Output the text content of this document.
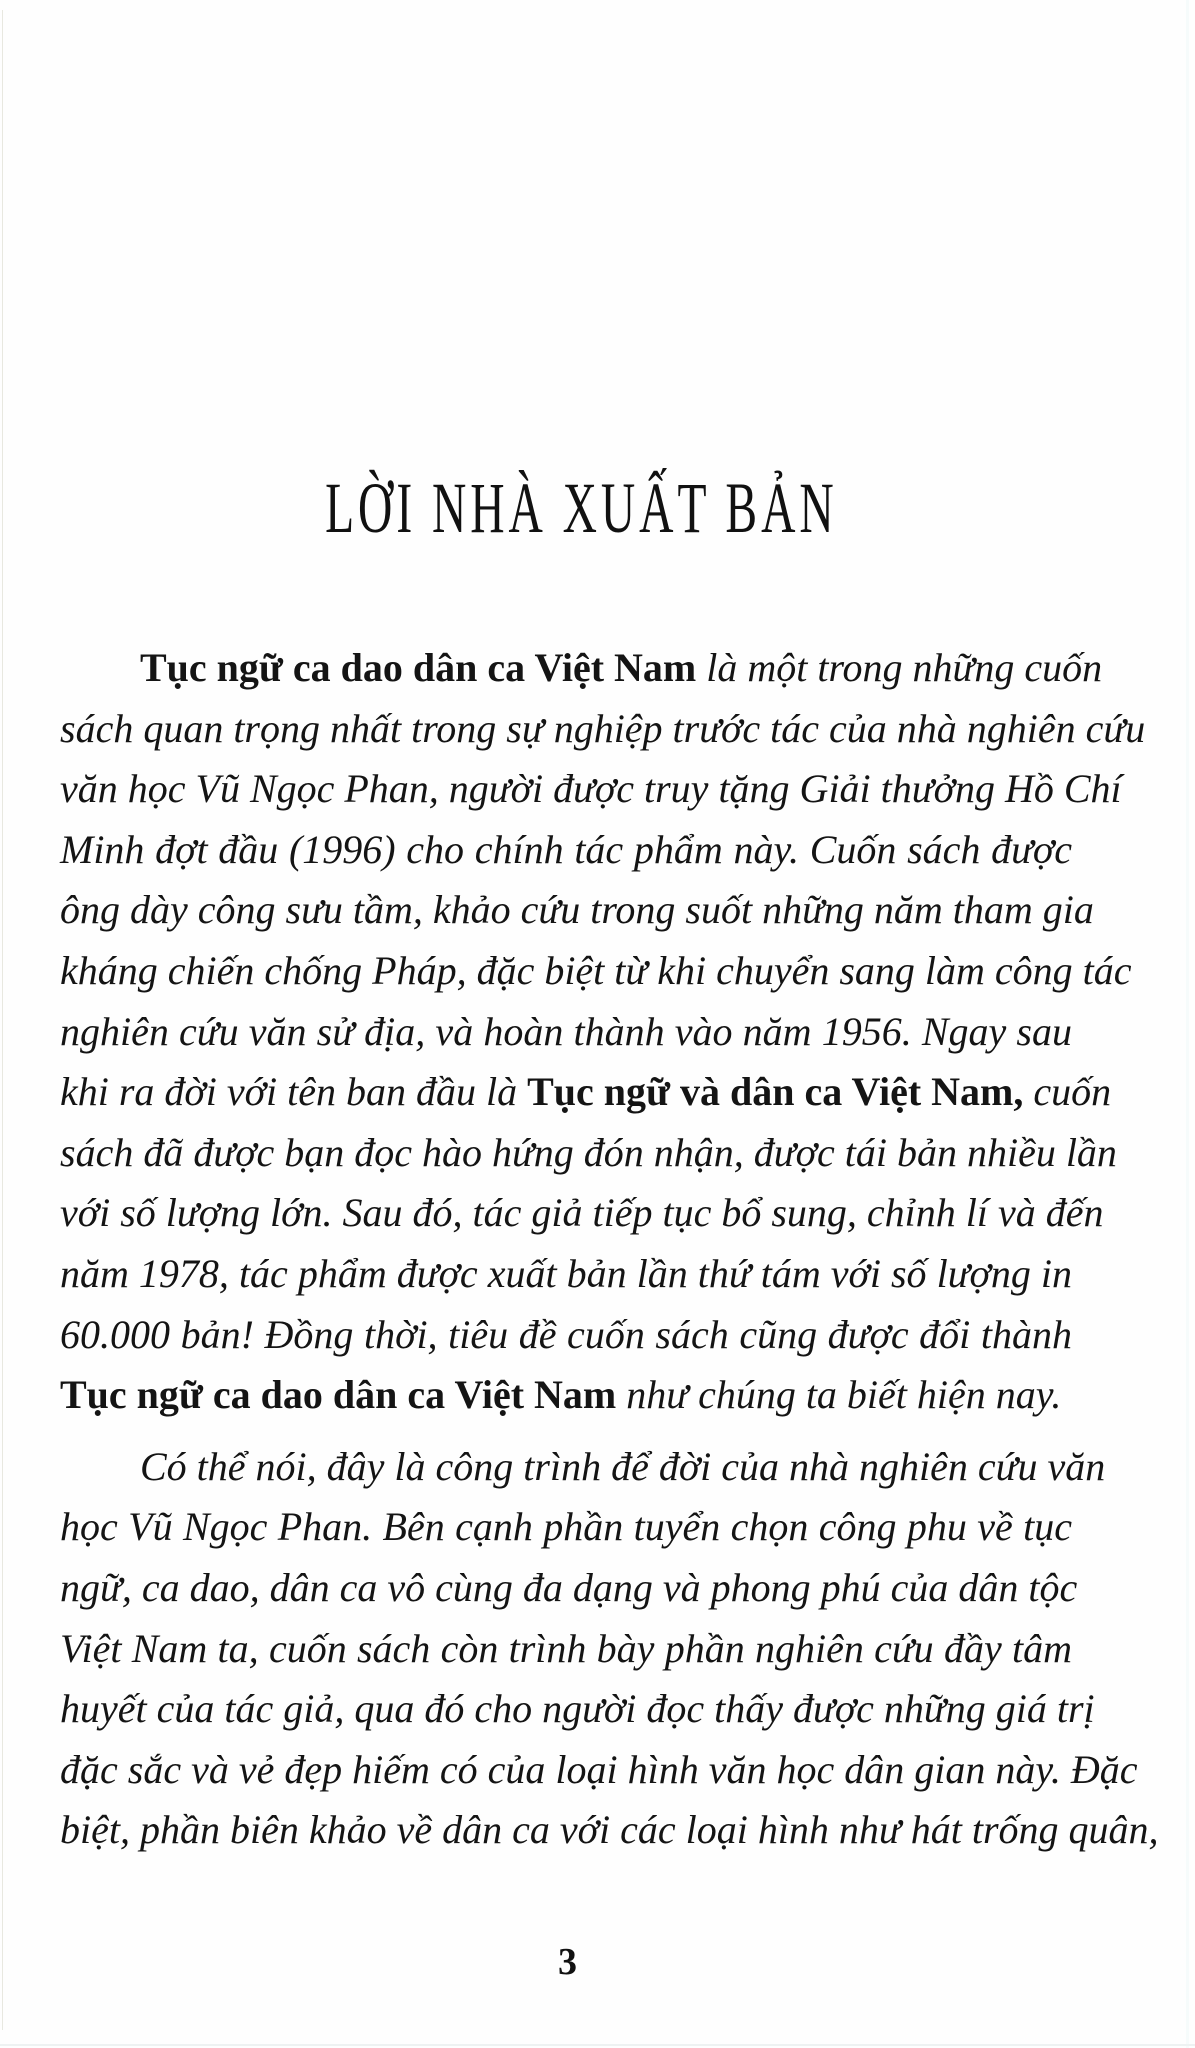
LỜI NHÀ XUẤT BẢN
Tục ngữ ca dao dân ca Việt Nam là một trong những cuốn
sách quan trọng nhất trong sự nghiệp trước tác của nhà nghiên cứu
văn học Vũ Ngọc Phan, người được truy tặng Giải thưởng Hồ Chí
Minh đợt đầu (1996) cho chính tác phẩm này. Cuốn sách được
ông dày công sưu tầm, khảo cứu trong suốt những năm tham gia
kháng chiến chống Pháp, đặc biệt từ khi chuyển sang làm công tác
nghiên cứu văn sử địa, và hoàn thành vào năm 1956. Ngay sau
khi ra đời với tên ban đầu là Tục ngữ và dân ca Việt Nam, cuốn
sách đã được bạn đọc hào hứng đón nhận, được tái bản nhiều lần
với số lượng lớn. Sau đó, tác giả tiếp tục bổ sung, chỉnh lí và đến
năm 1978, tác phẩm được xuất bản lần thứ tám với số lượng in
60.000 bản! Đồng thời, tiêu đề cuốn sách cũng được đổi thành
Tục ngữ ca dao dân ca Việt Nam như chúng ta biết hiện nay.
Có thể nói, đây là công trình để đời của nhà nghiên cứu văn
học Vũ Ngọc Phan. Bên cạnh phần tuyển chọn công phu về tục
ngữ, ca dao, dân ca vô cùng đa dạng và phong phú của dân tộc
Việt Nam ta, cuốn sách còn trình bày phần nghiên cứu đầy tâm
huyết của tác giả, qua đó cho người đọc thấy được những giá trị
đặc sắc và vẻ đẹp hiếm có của loại hình văn học dân gian này. Đặc
biệt, phần biên khảo về dân ca với các loại hình như hát trống quân,
3
